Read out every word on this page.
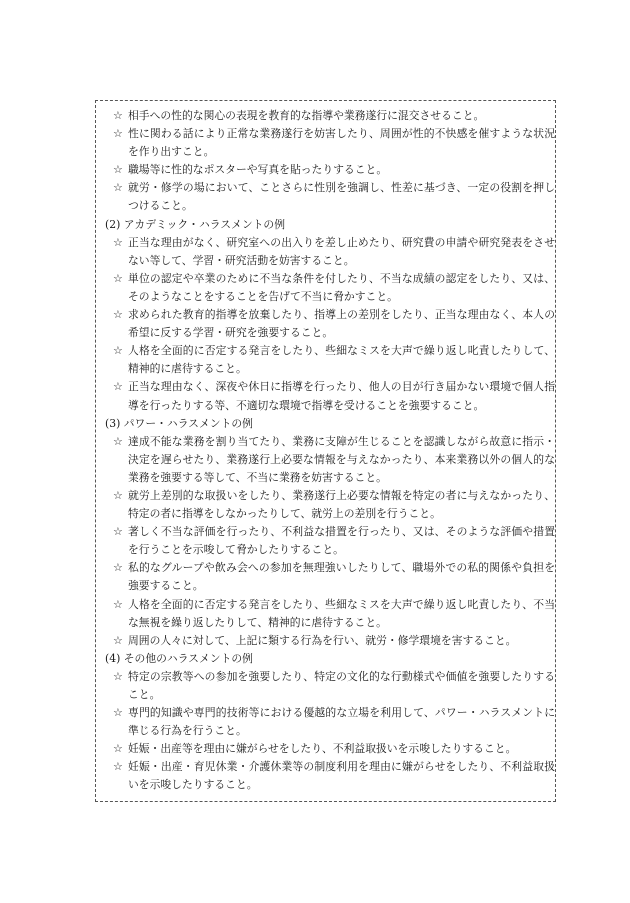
☆ 相手への性的な関心の表現を教育的な指導や業務遂行に混交させること。
☆ 性に関わる話により正常な業務遂行を妨害したり、周囲が性的不快感を催すような状況を作り出すこと。
☆ 職場等に性的なポスターや写真を貼ったりすること。
☆ 就労・修学の場において、ことさらに性別を強調し、性差に基づき、一定の役割を押しつけること。
(2) アカデミック・ハラスメントの例
☆ 正当な理由がなく、研究室への出入りを差し止めたり、研究費の申請や研究発表をさせない等して、学習・研究活動を妨害すること。
☆ 単位の認定や卒業のために不当な条件を付したり、不当な成績の認定をしたり、又は、そのようなことをすることを告げて不当に脅かすこと。
☆ 求められた教育的指導を放棄したり、指導上の差別をしたり、正当な理由なく、本人の希望に反する学習・研究を強要すること。
☆ 人格を全面的に否定する発言をしたり、些細なミスを大声で繰り返し叱責したりして、精神的に虐待すること。
☆ 正当な理由なく、深夜や休日に指導を行ったり、他人の目が行き届かない環境で個人指導を行ったりする等、不適切な環境で指導を受けることを強要すること。
(3) パワー・ハラスメントの例
☆ 達成不能な業務を割り当てたり、業務に支障が生じることを認識しながら故意に指示・決定を遅らせたり、業務遂行上必要な情報を与えなかったり、本来業務以外の個人的な業務を強要する等して、不当に業務を妨害すること。
☆ 就労上差別的な取扱いをしたり、業務遂行上必要な情報を特定の者に与えなかったり、特定の者に指導をしなかったりして、就労上の差別を行うこと。
☆ 著しく不当な評価を行ったり、不利益な措置を行ったり、又は、そのような評価や措置を行うことを示唆して脅かしたりすること。
☆ 私的なグループや飲み会への参加を無理強いしたりして、職場外での私的関係や負担を強要すること。
☆ 人格を全面的に否定する発言をしたり、些細なミスを大声で繰り返し叱責したり、不当な無視を繰り返したりして、精神的に虐待すること。
☆ 周囲の人々に対して、上記に類する行為を行い、就労・修学環境を害すること。
(4) その他のハラスメントの例
☆ 特定の宗教等への参加を強要したり、特定の文化的な行動様式や価値を強要したりすること。
☆ 専門的知識や専門的技術等における優越的な立場を利用して、パワー・ハラスメントに準じる行為を行うこと。
☆ 妊娠・出産等を理由に嫌がらせをしたり、不利益取扱いを示唆したりすること。
☆ 妊娠・出産・育児休業・介護休業等の制度利用を理由に嫌がらせをしたり、不利益取扱いを示唆したりすること。
